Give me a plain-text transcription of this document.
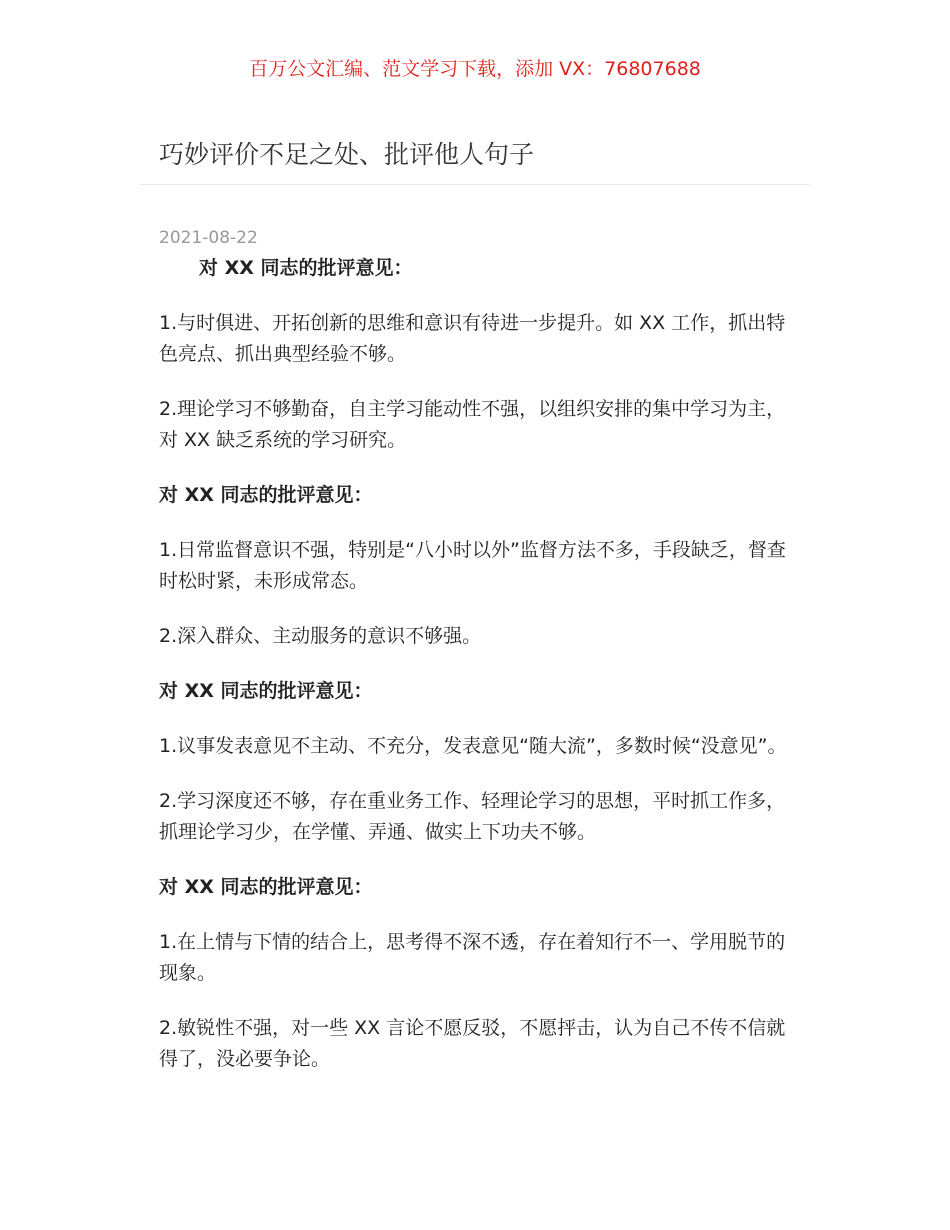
百万公文汇编、范文学习下载，添加 VX：76807688
巧妙评价不足之处、批评他人句子
2021-08-22

对 XX 同志的批评意见：

1.与时俱进、开拓创新的思维和意识有待进一步提升。如 XX 工作，抓出特色亮点、抓出典型经验不够。

2.理论学习不够勤奋，自主学习能动性不强，以组织安排的集中学习为主，对 XX 缺乏系统的学习研究。

对 XX 同志的批评意见：

1.日常监督意识不强，特别是“八小时以外”监督方法不多，手段缺乏，督查时松时紧，未形成常态。

2.深入群众、主动服务的意识不够强。

对 XX 同志的批评意见：

1.议事发表意见不主动、不充分，发表意见“随大流”，多数时候“没意见”。

2.学习深度还不够，存在重业务工作、轻理论学习的思想，平时抓工作多，抓理论学习少，在学懂、弄通、做实上下功夫不够。

对 XX 同志的批评意见：

1.在上情与下情的结合上，思考得不深不透，存在着知行不一、学用脱节的现象。

2.敏锐性不强，对一些 XX 言论不愿反驳，不愿抨击，认为自己不传不信就得了，没必要争论。
